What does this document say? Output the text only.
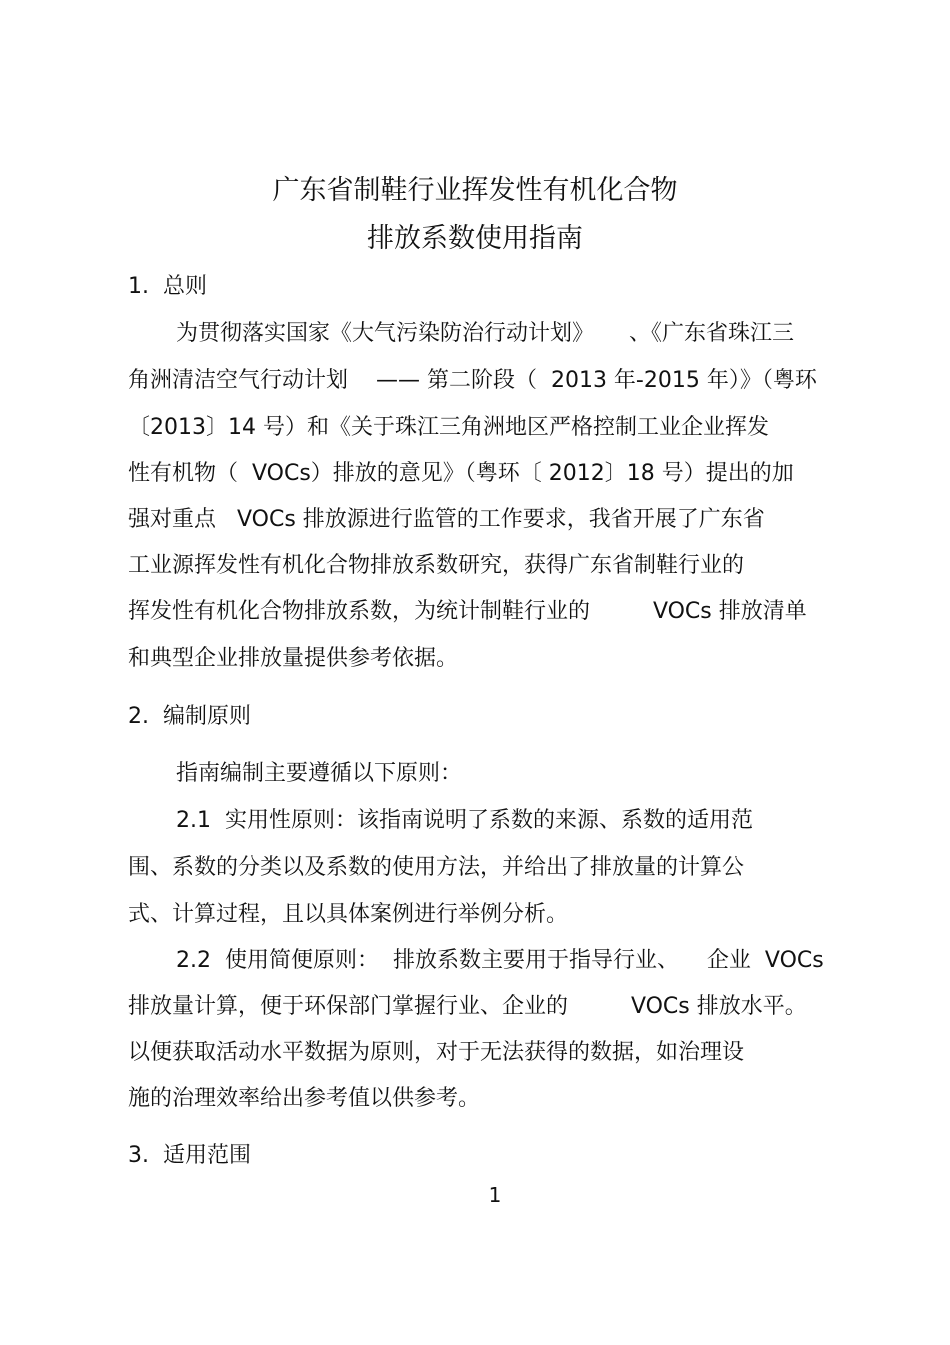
广东省制鞋行业挥发性有机化合物
排放系数使用指南
1.  总则
为贯彻落实国家《大气污染防治行动计划》     、《广东省珠江三
角洲清洁空气行动计划    —— 第二阶段（  2013 年-2015 年）》（粤环
〔2013〕14 号）和《关于珠江三角洲地区严格控制工业企业挥发
性有机物（  VOCs）排放的意见》（粤环〔 2012〕18 号）提出的加
强对重点   VOCs 排放源进行监管的工作要求，我省开展了广东省
工业源挥发性有机化合物排放系数研究，获得广东省制鞋行业的
挥发性有机化合物排放系数，为统计制鞋行业的         VOCs 排放清单
和典型企业排放量提供参考依据。
2.  编制原则
指南编制主要遵循以下原则：
2.1  实用性原则：该指南说明了系数的来源、系数的适用范
围、系数的分类以及系数的使用方法，并给出了排放量的计算公
式、计算过程，且以具体案例进行举例分析。
2.2  使用简便原则：  排放系数主要用于指导行业、    企业  VOCs
排放量计算，便于环保部门掌握行业、企业的         VOCs 排放水平。
以便获取活动水平数据为原则，对于无法获得的数据，如治理设
施的治理效率给出参考值以供参考。
3.  适用范围
1
